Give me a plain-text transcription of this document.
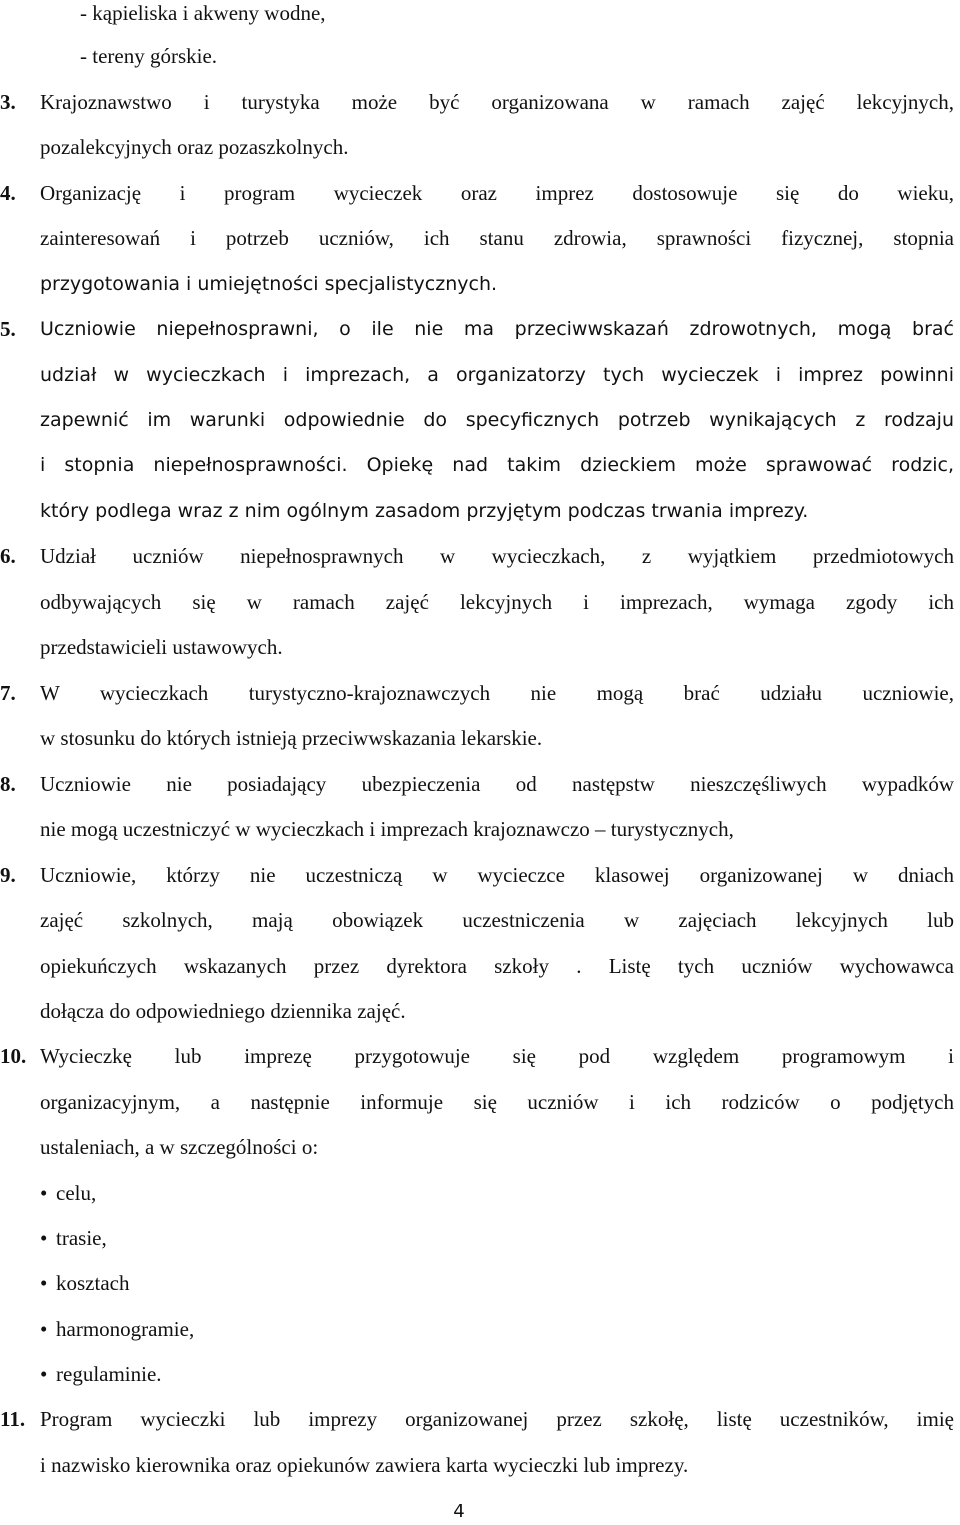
- kąpieliska i akweny wodne,
- tereny górskie.
3.	Krajoznawstwo i turystyka może być organizowana w ramach zajęć lekcyjnych,
pozalekcyjnych oraz pozaszkolnych.
4.	Organizację i program wycieczek oraz imprez dostosowuje się do wieku,
zainteresowań i potrzeb uczniów, ich stanu zdrowia, sprawności fizycznej, stopnia
przygotowania i umiejętności specjalistycznych.
5.	Uczniowie niepełnosprawni, o ile nie ma przeciwwskazań zdrowotnych, mogą brać
udział w wycieczkach i imprezach, a organizatorzy tych wycieczek i imprez powinni
zapewnić im warunki odpowiednie do specyficznych potrzeb wynikających z rodzaju
i stopnia niepełnosprawności. Opiekę nad takim dzieckiem może sprawować rodzic,
który podlega wraz z nim ogólnym zasadom przyjętym podczas trwania imprezy.
6.	Udział uczniów niepełnosprawnych w wycieczkach, z wyjątkiem przedmiotowych
odbywających się w ramach zajęć lekcyjnych i imprezach, wymaga zgody ich
przedstawicieli ustawowych.
7.	W wycieczkach turystyczno-krajoznawczych nie mogą brać udziału uczniowie,
w stosunku do których istnieją przeciwwskazania lekarskie.
8.	Uczniowie nie posiadający ubezpieczenia od następstw nieszczęśliwych wypadków
nie mogą uczestniczyć w wycieczkach i imprezach krajoznawczo – turystycznych,
9.	Uczniowie, którzy nie uczestniczą w wycieczce klasowej organizowanej w dniach
zajęć szkolnych, mają obowiązek uczestniczenia w zajęciach lekcyjnych lub
opiekuńczych wskazanych przez dyrektora szkoły . Listę tych uczniów wychowawca
dołącza do odpowiedniego dziennika zajęć.
10. Wycieczkę lub imprezę przygotowuje się pod względem programowym i
organizacyjnym, a następnie informuje się uczniów i ich rodziców o podjętych
ustaleniach, a w szczególności o:
• celu,
• trasie,
• kosztach
• harmonogramie,
• regulaminie.
11. Program wycieczki lub imprezy organizowanej przez szkołę, listę uczestników, imię
i nazwisko kierownika oraz opiekunów zawiera karta wycieczki lub imprezy.
4
